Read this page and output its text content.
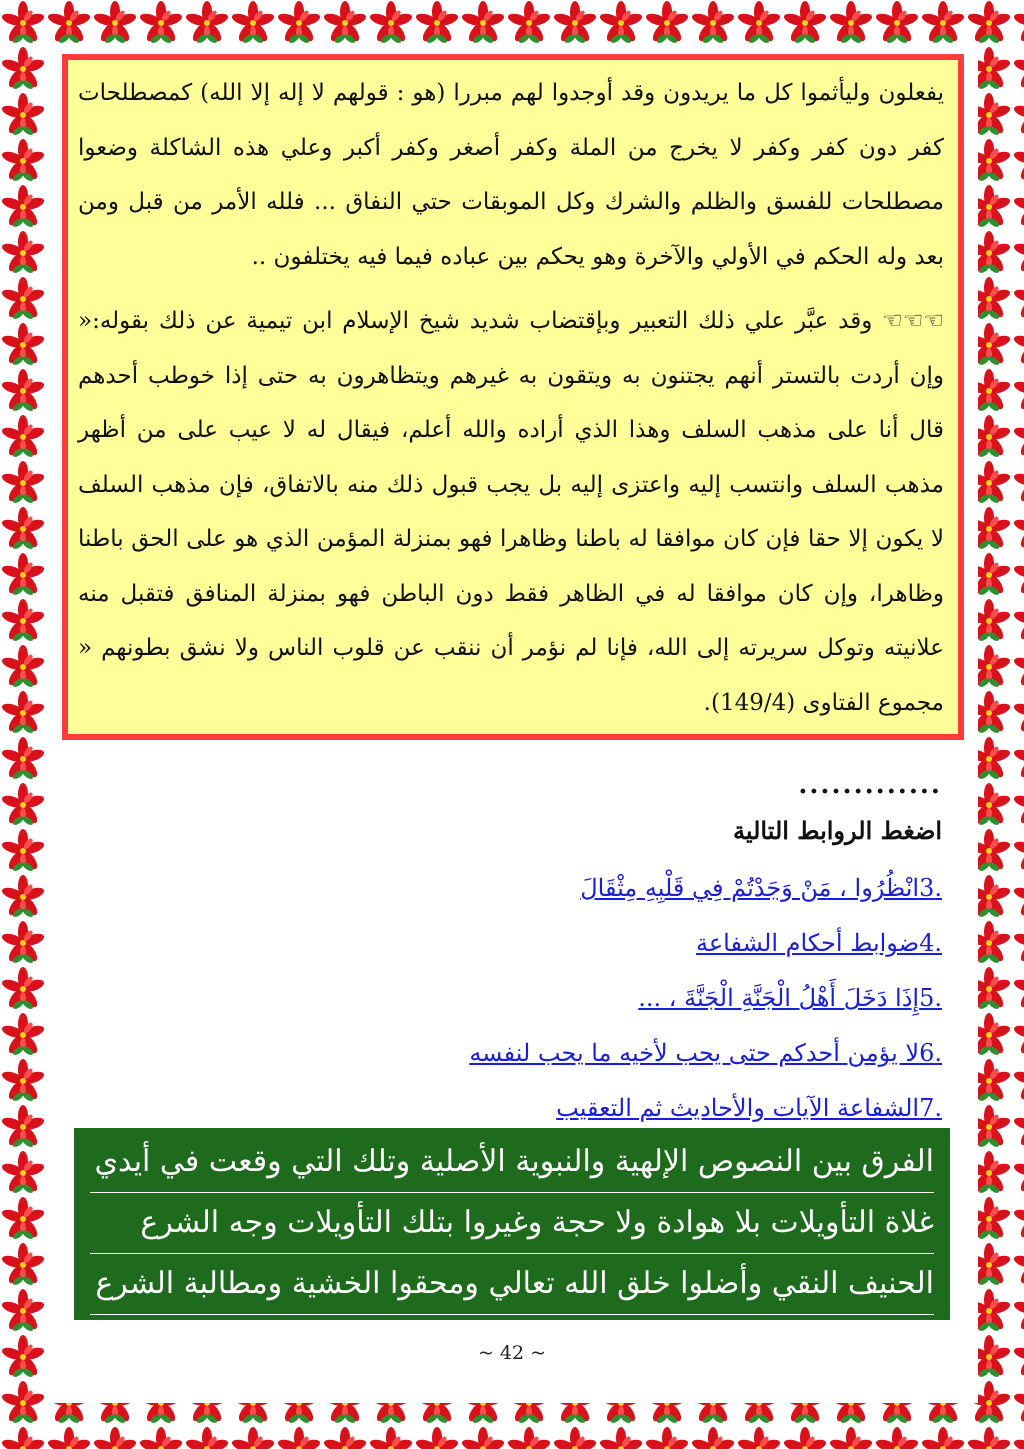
يفعلون وليأثموا كل ما يريدون وقد أوجدوا لهم مبررا (هو : قولهم لا إله إلا الله) كمصطلحات كفر دون كفر وكفر لا يخرج من الملة وكفر أصغر وكفر أكبر وعلي هذه الشاكلة وضعوا مصطلحات للفسق والظلم والشرك وكل الموبقات حتي النفاق ... فلله الأمر من قبل ومن بعد وله الحكم في الأولي والآخرة وهو يحكم بين عباده فيما فيه يختلفون ..

☜☜☜ وقد عبَّر علي ذلك التعبير وبإقتضاب شديد شيخ الإسلام ابن تيمية عن ذلك بقوله:« وإن أردت بالتستر أنهم يجتنون به ويتقون به غيرهم ويتظاهرون به حتى إذا خوطب أحدهم قال أنا على مذهب السلف وهذا الذي أراده والله أعلم، فيقال له لا عيب على من أظهر مذهب السلف وانتسب إليه واعتزى إليه بل يجب قبول ذلك منه بالاتفاق، فإن مذهب السلف لا يكون إلا حقا فإن كان موافقا له باطنا وظاهرا فهو بمنزلة المؤمن الذي هو على الحق باطنا وظاهرا، وإن كان موافقا له في الظاهر فقط دون الباطن فهو بمنزلة المنافق فتقبل منه علانيته وتوكل سريرته إلى الله، فإنا لم نؤمر أن ننقب عن قلوب الناس ولا نشق بطونهم « مجموع الفتاوى (149/4).

.............
اضغط الروابط التالية
.3انْظُرُوا ، مَنْ وَجَدْتُمْ فِي قَلْبِهِ مِثْقَالَ
.4ضوابط أحكام الشفاعة
.5إِذَا دَخَلَ أَهْلُ الْجَنَّةِ الْجَنَّةَ ، ...
.6لا يؤمن أحدكم حتى يحب لأخيه ما يحب لنفسه
.7الشفاعة الآيات والأحاديث ثم التعقيب
الفرق بين النصوص الإلهية والنبوية الأصلية وتلك التي وقعت في أيدي
غلاة التأويلات بلا هوادة ولا حجة وغيروا بتلك التأويلات وجه الشرع
الحنيف النقي وأضلوا خلق الله تعالي ومحقوا الخشية ومطالبة الشرع
~ 42 ~
